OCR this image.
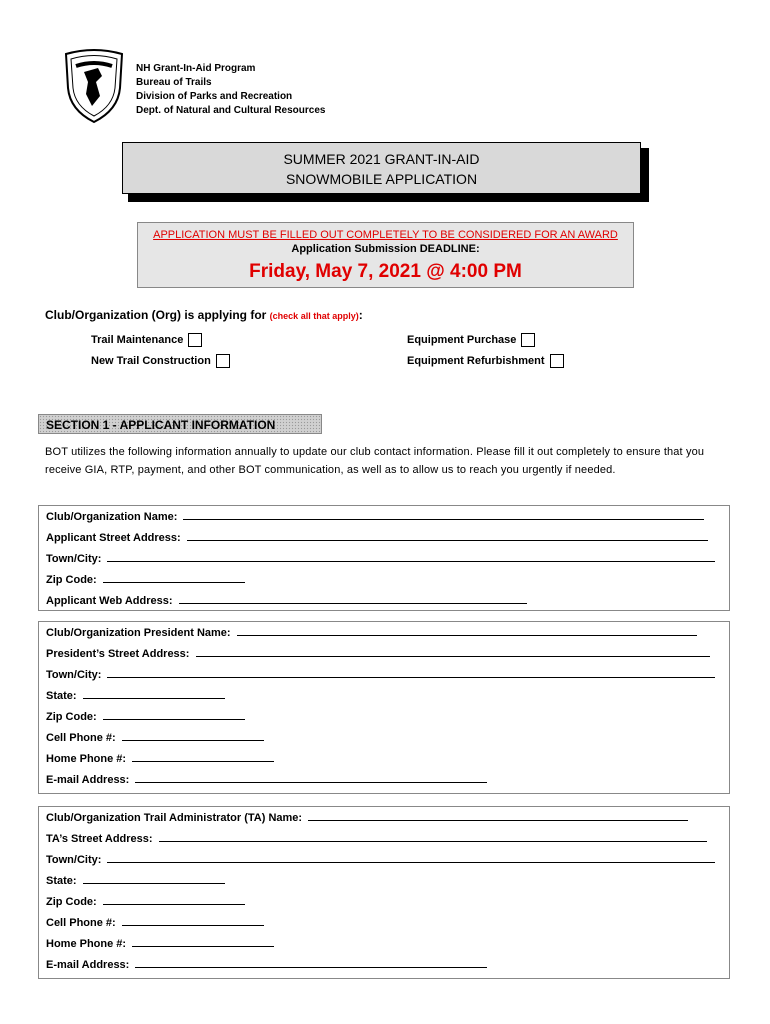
NH Grant-In-Aid Program
Bureau of Trails
Division of Parks and Recreation
Dept. of Natural and Cultural Resources
SUMMER 2021 GRANT-IN-AID
SNOWMOBILE APPLICATION
APPLICATION MUST BE FILLED OUT COMPLETELY TO BE CONSIDERED FOR AN AWARD
Application Submission DEADLINE:
Friday, May 7, 2021 @ 4:00 PM
Club/Organization (Org) is applying for (check all that apply):
Trail Maintenance
New Trail Construction
Equipment Purchase
Equipment Refurbishment
SECTION 1 - APPLICANT INFORMATION
BOT utilizes the following information annually to update our club contact information. Please fill it out completely to ensure that you receive GIA, RTP, payment, and other BOT communication, as well as to allow us to reach you urgently if needed.
Club/Organization Name:
Applicant Street Address:
Town/City:
Zip Code:
Applicant Web Address:
Club/Organization President Name:
President’s Street Address:
Town/City:
State:
Zip Code:
Cell Phone #:
Home Phone #:
E-mail Address:
Club/Organization Trail Administrator (TA) Name:
TA’s Street Address:
Town/City:
State:
Zip Code:
Cell Phone #:
Home Phone #:
E-mail Address:
